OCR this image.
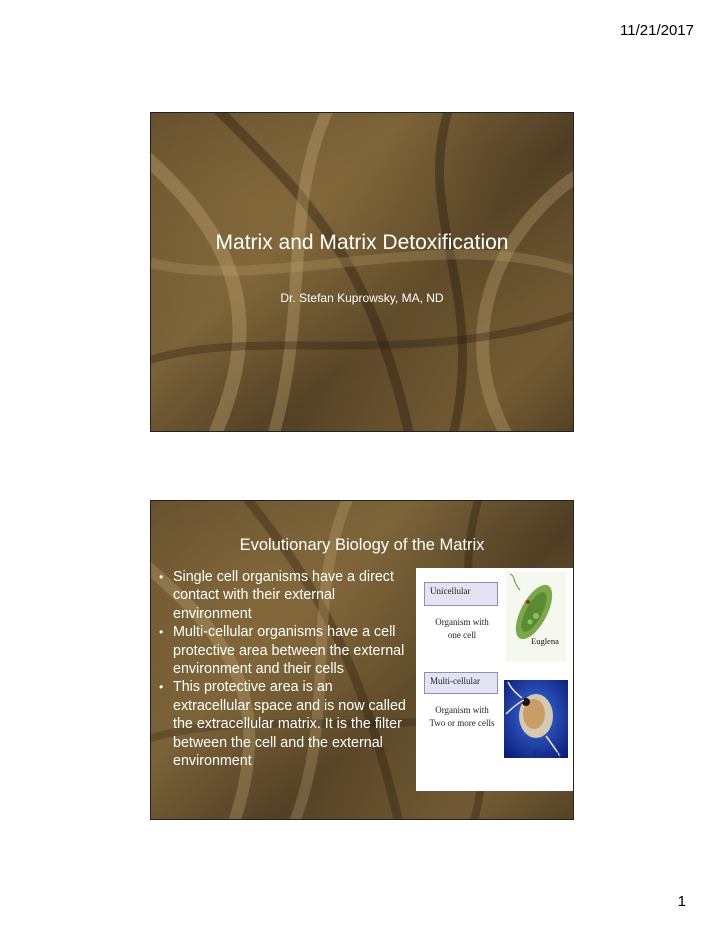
11/21/2017
Matrix and Matrix Detoxification
Dr. Stefan Kuprowsky, MA, ND
Evolutionary Biology of the Matrix
• Single cell organisms have a direct contact with their external environment
• Multi-cellular organisms have a cell protective area between the external environment and their cells
• This protective area is an extracellular space and is now called the extracellular matrix. It is the filter between the cell and the external environment
Unicellular
Organism with
one cell
Euglena
Multi-cellular
Organism with
Two or more cells
Daphnia
1
